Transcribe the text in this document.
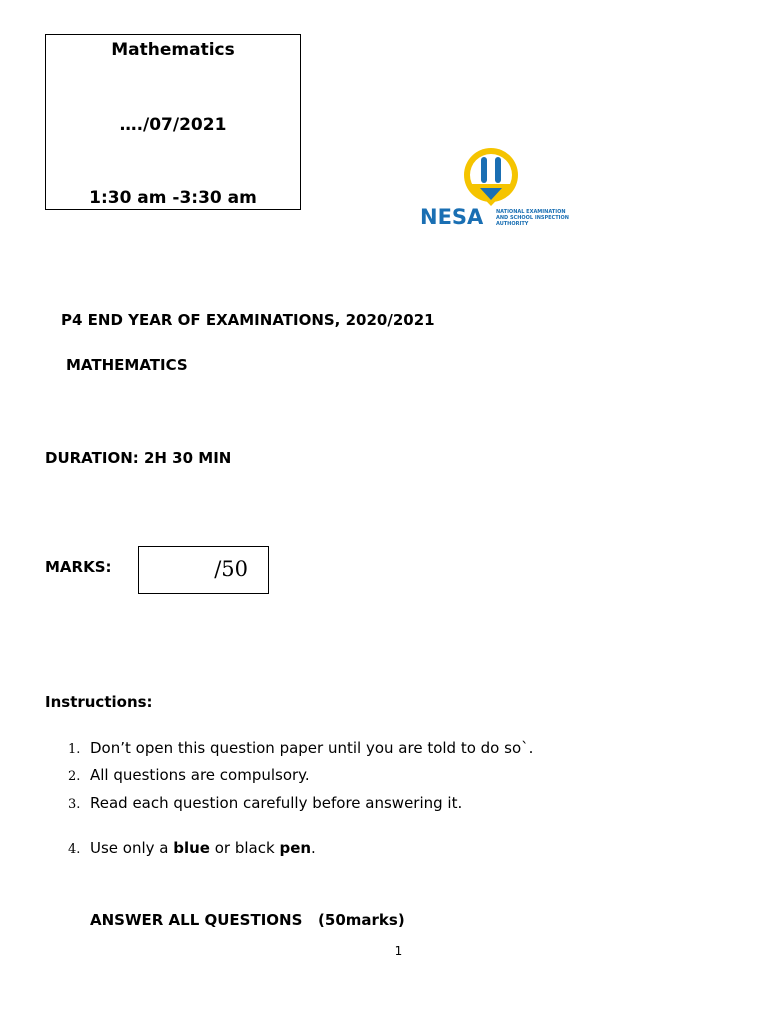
Mathematics
…./07/2021
1:30 am -3:30 am
NESA	NATIONAL EXAMINATION
AND SCHOOL INSPECTION
AUTHORITY
P4 END YEAR OF EXAMINATIONS, 2020/2021
MATHEMATICS
DURATION: 2H 30 MIN
MARKS:	/50
Instructions:
1. Don’t open this question paper until you are told to do so`.
2. All questions are compulsory.
3. Read each question carefully before answering it.
4. Use only a blue or black pen.
ANSWER ALL QUESTIONS   (50marks)
1
